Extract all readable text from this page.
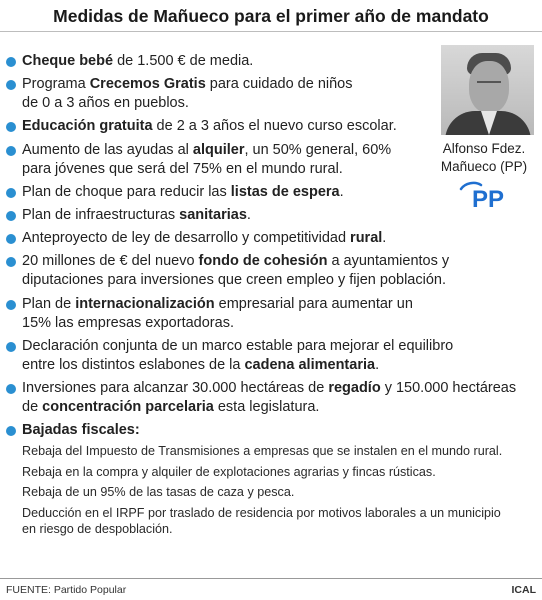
Medidas de Mañueco para el primer año de mandato
Cheque bebé de 1.500 € de media.
Programa Crecemos Gratis para cuidado de niños
de 0 a 3 años en pueblos.
Educación gratuita de 2 a 3 años el nuevo curso escolar.
Aumento de las ayudas al alquiler, un 50% general, 60%
para jóvenes que será del 75% en el mundo rural.
Plan de choque para reducir las listas de espera.
Plan de infraestructuras sanitarias.
Anteproyecto de ley de desarrollo y competitividad rural.
20 millones de € del nuevo fondo de cohesión a ayuntamientos y
diputaciones para inversiones que creen empleo y fijen población.
Plan de internacionalización empresarial para aumentar un
15% las empresas exportadoras.
Declaración conjunta de un marco estable para mejorar el equilibro
entre los distintos eslabones de la cadena alimentaria.
Inversiones para alcanzar 30.000 hectáreas de regadío y 150.000 hectáreas
de concentración parcelaria esta legislatura.
Bajadas fiscales:
Rebaja del Impuesto de Transmisiones a empresas que se instalen en el mundo rural.
Rebaja en la compra y alquiler de explotaciones agrarias y fincas rústicas.
Rebaja de un 95% de las tasas de caza y pesca.
Deducción en el IRPF por traslado de residencia por motivos laborales a un municipio
en riesgo de despoblación.
Alfonso Fdez.
Mañueco (PP)
PP
FUENTE: Partido Popular	ICAL
